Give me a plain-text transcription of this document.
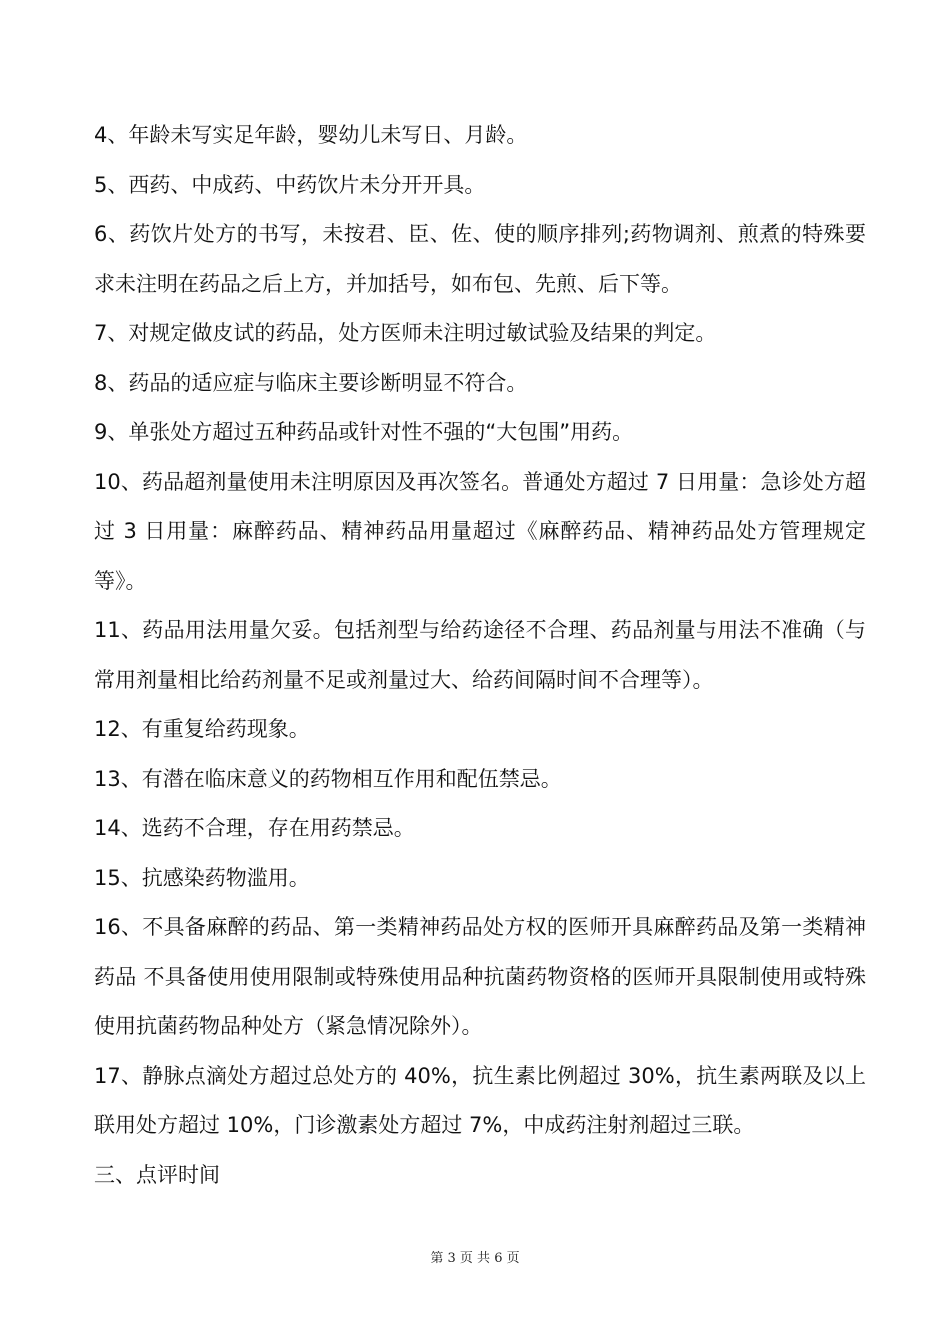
4、年龄未写实足年龄，婴幼儿未写日、月龄。

5、西药、中成药、中药饮片未分开开具。

6、药饮片处方的书写，未按君、臣、佐、使的顺序排列;药物调剂、煎煮的特殊要求未注明在药品之后上方，并加括号，如布包、先煎、后下等。

7、对规定做皮试的药品，处方医师未注明过敏试验及结果的判定。

8、药品的适应症与临床主要诊断明显不符合。

9、单张处方超过五种药品或针对性不强的“大包围”用药。

10、药品超剂量使用未注明原因及再次签名。普通处方超过 7 日用量：急诊处方超过 3 日用量：麻醉药品、精神药品用量超过《麻醉药品、精神药品处方管理规定等》。

11、药品用法用量欠妥。包括剂型与给药途径不合理、药品剂量与用法不准确（与常用剂量相比给药剂量不足或剂量过大、给药间隔时间不合理等）。

12、有重复给药现象。

13、有潜在临床意义的药物相互作用和配伍禁忌。

14、选药不合理，存在用药禁忌。

15、抗感染药物滥用。

16、不具备麻醉的药品、第一类精神药品处方权的医师开具麻醉药品及第一类精神药品 不具备使用使用限制或特殊使用品种抗菌药物资格的医师开具限制使用或特殊使用抗菌药物品种处方（紧急情况除外）。

17、静脉点滴处方超过总处方的 40%，抗生素比例超过 30%，抗生素两联及以上联用处方超过 10%，门诊激素处方超过 7%，中成药注射剂超过三联。

三、点评时间

第 3 页 共 6 页
